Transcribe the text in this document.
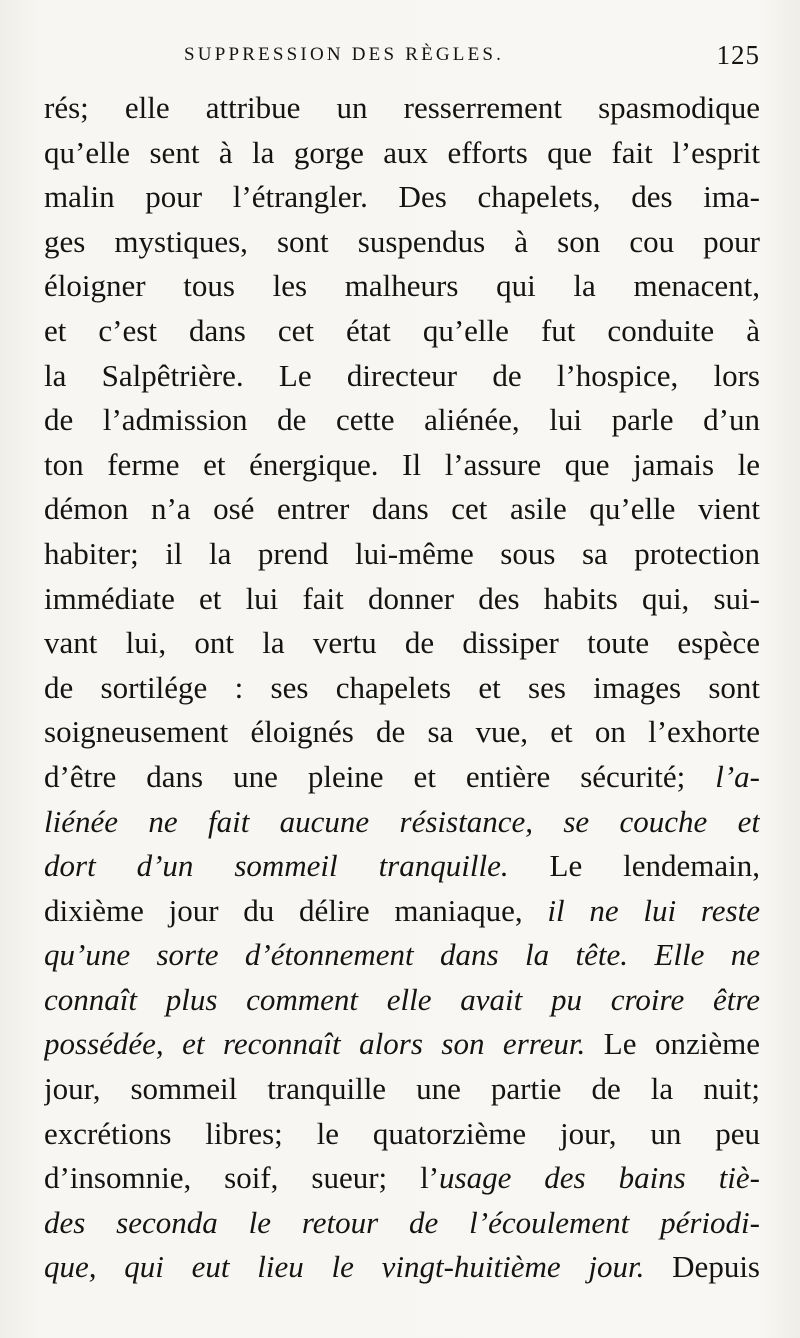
SUPPRESSION DES RÈGLES.	125
rés; elle attribue un resserrement spasmodique
qu’elle sent à la gorge aux efforts que fait l’esprit
malin pour l’étrangler. Des chapelets, des ima-
ges mystiques, sont suspendus à son cou pour
éloigner tous les malheurs qui la menacent,
et c’est dans cet état qu’elle fut conduite à
la Salpêtrière. Le directeur de l’hospice, lors
de l’admission de cette aliénée, lui parle d’un
ton ferme et énergique. Il l’assure que jamais le
démon n’a osé entrer dans cet asile qu’elle vient
habiter; il la prend lui-même sous sa protection
immédiate et lui fait donner des habits qui, sui-
vant lui, ont la vertu de dissiper toute espèce
de sortilége : ses chapelets et ses images sont
soigneusement éloignés de sa vue, et on l’exhorte
d’être dans une pleine et entière sécurité; l’a-
liénée ne fait aucune résistance, se couche et
dort d’un sommeil tranquille. Le lendemain,
dixième jour du délire maniaque, il ne lui reste
qu’une sorte d’étonnement dans la tête. Elle ne
connaît plus comment elle avait pu croire être
possédée, et reconnaît alors son erreur. Le onzième
jour, sommeil tranquille une partie de la nuit;
excrétions libres; le quatorzième jour, un peu
d’insomnie, soif, sueur; l’usage des bains tiè-
des seconda le retour de l’écoulement périodi-
que, qui eut lieu le vingt-huitième jour. Depuis
